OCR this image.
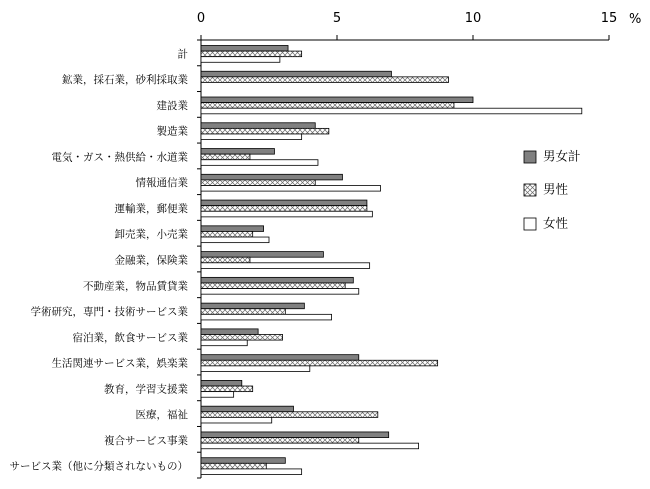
0	5	10	15 %
計
鉱業，採石業，砂利採取業
建設業
製造業
電気・ガス・熱供給・水道業
情報通信業
運輸業，郵便業
卸売業，小売業
金融業，保険業
不動産業，物品賃貸業
学術研究，専門・技術サービス業
宿泊業，飲食サービス業
生活関連サービス業，娯楽業
教育，学習支援業
医療，福祉
複合サービス事業
サービス業（他に分類されないもの）
男女計
男性
女性
